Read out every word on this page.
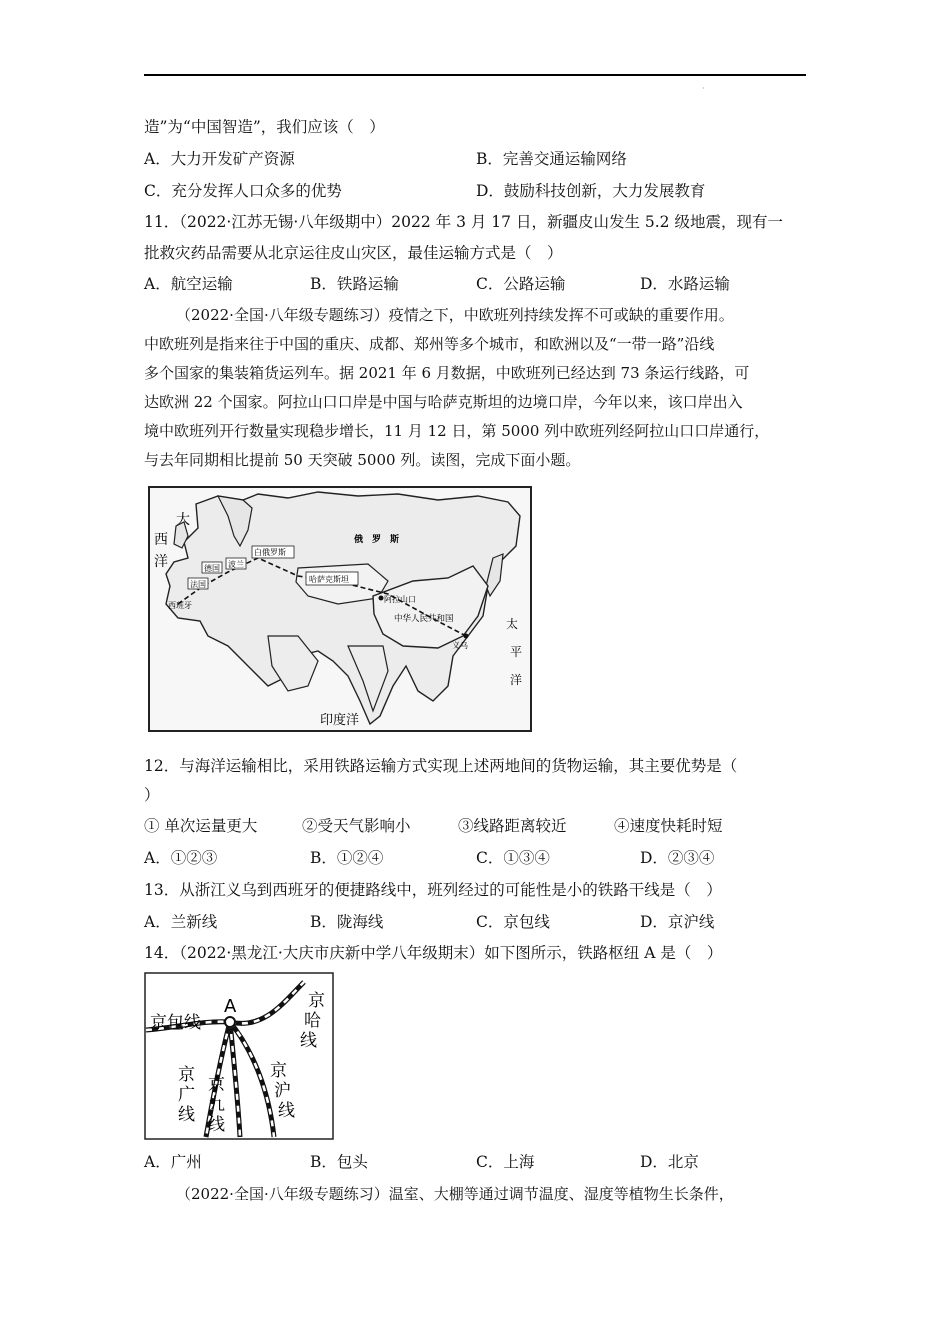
·
造”为“中国智造”，我们应该（　）
A．大力开发矿产资源	B．完善交通运输网络
C．充分发挥人口众多的优势	D．鼓励科技创新，大力发展教育
11．（2022·江苏无锡·八年级期中）2022 年 3 月 17 日，新疆皮山发生 5.2 级地震，现有一
批救灾药品需要从北京运往皮山灾区，最佳运输方式是（　）
A．航空运输	B．铁路运输	C．公路运输	D．水路运输
（2022·全国·八年级专题练习）疫情之下，中欧班列持续发挥不可或缺的重要作用。
中欧班列是指来往于中国的重庆、成都、郑州等多个城市，和欧洲以及“一带一路”沿线
多个国家的集装箱货运列车。据 2021 年 6 月数据，中欧班列已经达到 73 条运行线路，可
达欧洲 22 个国家。阿拉山口口岸是中国与哈萨克斯坦的边境口岸，今年以来，该口岸出入
境中欧班列开行数量实现稳步增长，11 月 12 日，第 5000 列中欧班列经阿拉山口口岸通行，
与去年同期相比提前 50 天突破 5000 列。读图，完成下面小题。
大
西
洋
俄　罗　斯
白俄罗斯
波兰
德国
法国
西班牙
哈萨克斯坦
阿拉山口
中华人民共和国
义乌
太
平
洋
印度洋
12．与海洋运输相比，采用铁路运输方式实现上述两地间的货物运输，其主要优势是（
）
① 单次运量更大	②受天气影响小	③线路距离较近	④速度快耗时短
A．①②③	B．①②④	C．①③④	D．②③④
13．从浙江义乌到西班牙的便捷路线中，班列经过的可能性是小的铁路干线是（　）
A．兰新线	B．陇海线	C．京包线	D．京沪线
14．（2022·黑龙江·大庆市庆新中学八年级期末）如下图所示，铁路枢纽 A 是（　）
A
京包线
京
哈
线
京
广
线
京
九
线
京
沪
线
A．广州	B．包头	C．上海	D．北京
（2022·全国·八年级专题练习）温室、大棚等通过调节温度、湿度等植物生长条件，
